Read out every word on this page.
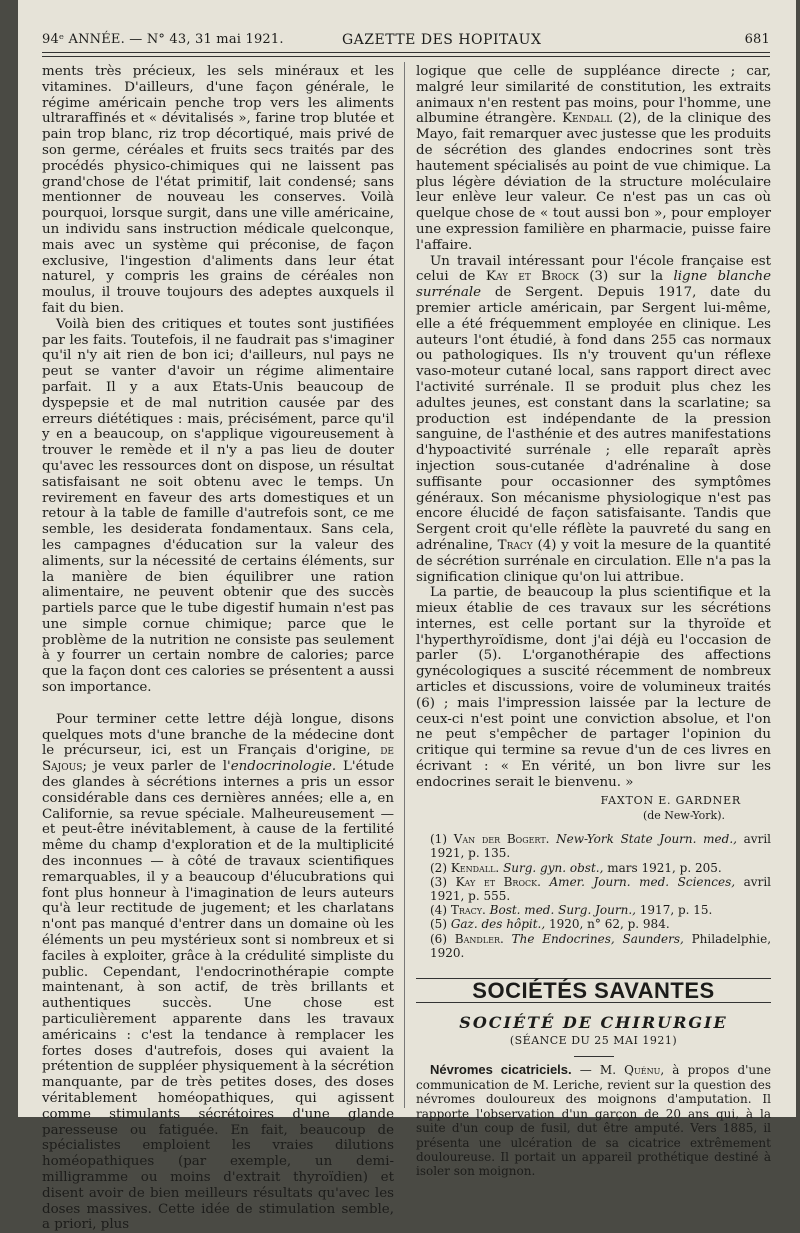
94ᵉ ANNÉE. — N° 43, 31 mai 1921.	GAZETTE DES HOPITAUX	681

ments très précieux, les sels minéraux et les vitamines. D'ailleurs, d'une façon générale, le régime américain penche trop vers les aliments ultraraffinés et « dévitalisés », farine trop blutée et pain trop blanc, riz trop décortiqué, mais privé de son germe, céréales et fruits secs traités par des procédés physico-chimiques qui ne laissent pas grand'chose de l'état primitif, lait condensé; sans mentionner de nouveau les conserves. Voilà pourquoi, lorsque surgit, dans une ville américaine, un individu sans instruction médicale quelconque, mais avec un système qui préconise, de façon exclusive, l'ingestion d'aliments dans leur état naturel, y compris les grains de céréales non moulus, il trouve toujours des adeptes auxquels il fait du bien.

Voilà bien des critiques et toutes sont justifiées par les faits. Toutefois, il ne faudrait pas s'imaginer qu'il n'y ait rien de bon ici; d'ailleurs, nul pays ne peut se vanter d'avoir un régime alimentaire parfait. Il y a aux Etats-Unis beaucoup de dyspepsie et de mal nutrition causée par des erreurs diététiques : mais, précisément, parce qu'il y en a beaucoup, on s'applique vigoureusement à trouver le remède et il n'y a pas lieu de douter qu'avec les ressources dont on dispose, un résultat satisfaisant ne soit obtenu avec le temps. Un revirement en faveur des arts domestiques et un retour à la table de famille d'autrefois sont, ce me semble, les desiderata fondamentaux. Sans cela, les campagnes d'éducation sur la valeur des aliments, sur la nécessité de certains éléments, sur la manière de bien équilibrer une ration alimentaire, ne peuvent obtenir que des succès partiels parce que le tube digestif humain n'est pas une simple cornue chimique; parce que le problème de la nutrition ne consiste pas seulement à y fourrer un certain nombre de calories; parce que la façon dont ces calories se présentent a aussi son importance.

Pour terminer cette lettre déjà longue, disons quelques mots d'une branche de la médecine dont le précurseur, ici, est un Français d'origine, de Sajous; je veux parler de l'endocrinologie. L'étude des glandes à sécrétions internes a pris un essor considérable dans ces dernières années; elle a, en Californie, sa revue spéciale. Malheureusement — et peut-être inévitablement, à cause de la fertilité même du champ d'exploration et de la multiplicité des inconnues — à côté de travaux scientifiques remarquables, il y a beaucoup d'élucubrations qui font plus honneur à l'imagination de leurs auteurs qu'à leur rectitude de jugement; et les charlatans n'ont pas manqué d'entrer dans un domaine où les éléments un peu mystérieux sont si nombreux et si faciles à exploiter, grâce à la crédulité simpliste du public. Cependant, l'endocrinothérapie compte maintenant, à son actif, de très brillants et authentiques succès. Une chose est particulièrement apparente dans les travaux américains : c'est la tendance à remplacer les fortes doses d'autrefois, doses qui avaient la prétention de suppléer physiquement à la sécrétion manquante, par de très petites doses, des doses véritablement homéopathiques, qui agissent comme stimulants sécrétoires d'une glande paresseuse ou fatiguée. En fait, beaucoup de spécialistes emploient les vraies dilutions homéopathiques (par exemple, un demi-milligramme ou moins d'extrait thyroïdien) et disent avoir de bien meilleurs résultats qu'avec les doses massives. Cette idée de stimulation semble, a priori, plus

logique que celle de suppléance directe ; car, malgré leur similarité de constitution, les extraits animaux n'en restent pas moins, pour l'homme, une albumine étrangère. Kendall (2), de la clinique des Mayo, fait remarquer avec justesse que les produits de sécrétion des glandes endocrines sont très hautement spécialisés au point de vue chimique. La plus légère déviation de la structure moléculaire leur enlève leur valeur. Ce n'est pas un cas où quelque chose de « tout aussi bon », pour employer une expression familière en pharmacie, puisse faire l'affaire.

Un travail intéressant pour l'école française est celui de Kay et Brock (3) sur la ligne blanche surrénale de Sergent. Depuis 1917, date du premier article américain, par Sergent lui-même, elle a été fréquemment employée en clinique. Les auteurs l'ont étudié, à fond dans 255 cas normaux ou pathologiques. Ils n'y trouvent qu'un réflexe vaso-moteur cutané local, sans rapport direct avec l'activité surrénale. Il se produit plus chez les adultes jeunes, est constant dans la scarlatine; sa production est indépendante de la pression sanguine, de l'asthénie et des autres manifestations d'hypoactivité surrénale ; elle reparaît après injection sous-cutanée d'adrénaline à dose suffisante pour occasionner des symptômes généraux. Son mécanisme physiologique n'est pas encore élucidé de façon satisfaisante. Tandis que Sergent croit qu'elle réflète la pauvreté du sang en adrénaline, Tracy (4) y voit la mesure de la quantité de sécrétion surrénale en circulation. Elle n'a pas la signification clinique qu'on lui attribue.

La partie, de beaucoup la plus scientifique et la mieux établie de ces travaux sur les sécrétions internes, est celle portant sur la thyroïde et l'hyperthyroïdisme, dont j'ai déjà eu l'occasion de parler (5). L'organothérapie des affections gynécologiques a suscité récemment de nombreux articles et discussions, voire de volumineux traités (6) ; mais l'impression laissée par la lecture de ceux-ci n'est point une conviction absolue, et l'on ne peut s'empêcher de partager l'opinion du critique qui termine sa revue d'un de ces livres en écrivant : « En vérité, un bon livre sur les endocrines serait le bienvenu. »

FAXTON E. GARDNER
(de New-York).

(1) Van der Bogert. New-York State Journ. med., avril 1921, p. 135.

(2) Kendall. Surg. gyn. obst., mars 1921, p. 205.

(3) Kay et Brock. Amer. Journ. med. Sciences, avril 1921, p. 555.

(4) Tracy. Bost. med. Surg. Journ., 1917, p. 15.

(5) Gaz. des hôpit., 1920, n° 62, p. 984.

(6) Bandler. The Endocrines, Saunders, Philadelphie, 1920.

SOCIÉTÉS SAVANTES
SOCIÉTÉ DE CHIRURGIE
(SÉANCE DU 25 MAI 1921)

Névromes cicatriciels. — M. Quénu, à propos d'une communication de M. Leriche, revient sur la question des névromes douloureux des moignons d'amputation. Il rapporte l'observation d'un garçon de 20 ans qui, à la suite d'un coup de fusil, dut être amputé. Vers 1885, il présenta une ulcération de sa cicatrice extrêmement douloureuse. Il portait un appareil prothétique destiné à isoler son moignon.
